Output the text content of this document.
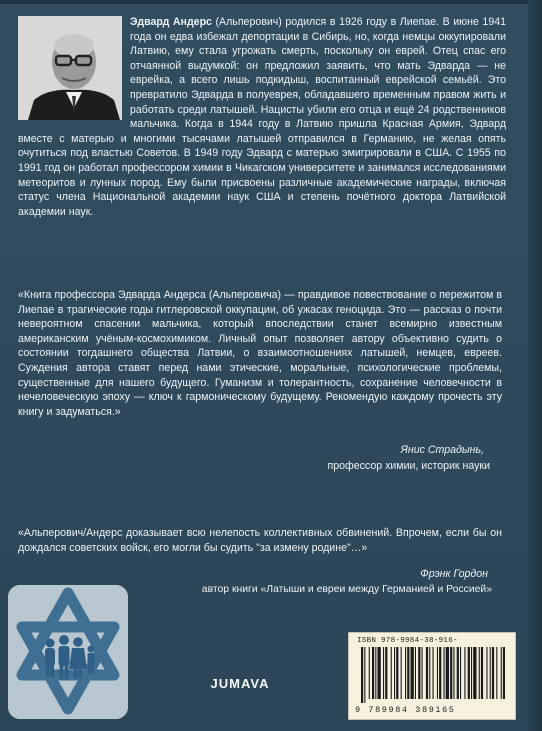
Эдвард Андерс (Альперович) родился в 1926 году в Лиепае. В июне 1941 года он едва избежал депортации в Сибирь, но, когда немцы оккупировали Латвию, ему стала угрожать смерть, поскольку он еврей. Отец спас его отчаянной выдумкой: он предложил заявить, что мать Эдварда — не еврейка, а всего лишь подкидыш, воспитанный еврейской семьёй. Это превратило Эдварда в полуеврея, обладавшего временным правом жить и работать среди латышей. Нацисты убили его отца и ещё 24 родственников мальчика. Когда в 1944 году в Латвию пришла Красная Армия, Эдвард вместе с матерью и многими тысячами латышей отправился в Германию, не желая опять очутиться под властью Советов. В 1949 году Эдвард с матерью эмигрировали в США. С 1955 по 1991 год он работал профессором химии в Чикагском университете и занимался исследованиями метеоритов и лунных пород. Ему были присвоены различные академические награды, включая статус члена Национальной академии наук США и степень почётного доктора Латвийской академии наук.
«Книга профессора Эдварда Андерса (Альперовича) — правдивое повествование о пережитом в Лиепае в трагические годы гитлеровской оккупации, об ужасах геноцида. Это — рассказ о почти невероятном спасении мальчика, который впоследствии станет всемирно известным американским учёным-космохимиком. Личный опыт позволяет автору объективно судить о состоянии тогдашнего общества Латвии, о взаимоотношениях латышей, немцев, евреев. Суждения автора ставят перед нами этические, моральные, психологические проблемы, существенные для нашего будущего. Гуманизм и толерантность, сохранение человечности в нечеловеческую эпоху — ключ к гармоническому будущему. Рекомендую каждому прочесть эту книгу и задуматься.»
Янис Страдынь,
профессор химии, историк науки
«Альперович/Андерс доказывает всю нелепость коллективных обвинений. Впрочем, если бы он дождался советских войск, его могли бы судить "за измену родине"…»
Фрэнк Гордон
автор книги «Латыши и евреи между Германией и Россией»
JUMAVA
ISBN 978-9984-38-916-
9 789984 389165
